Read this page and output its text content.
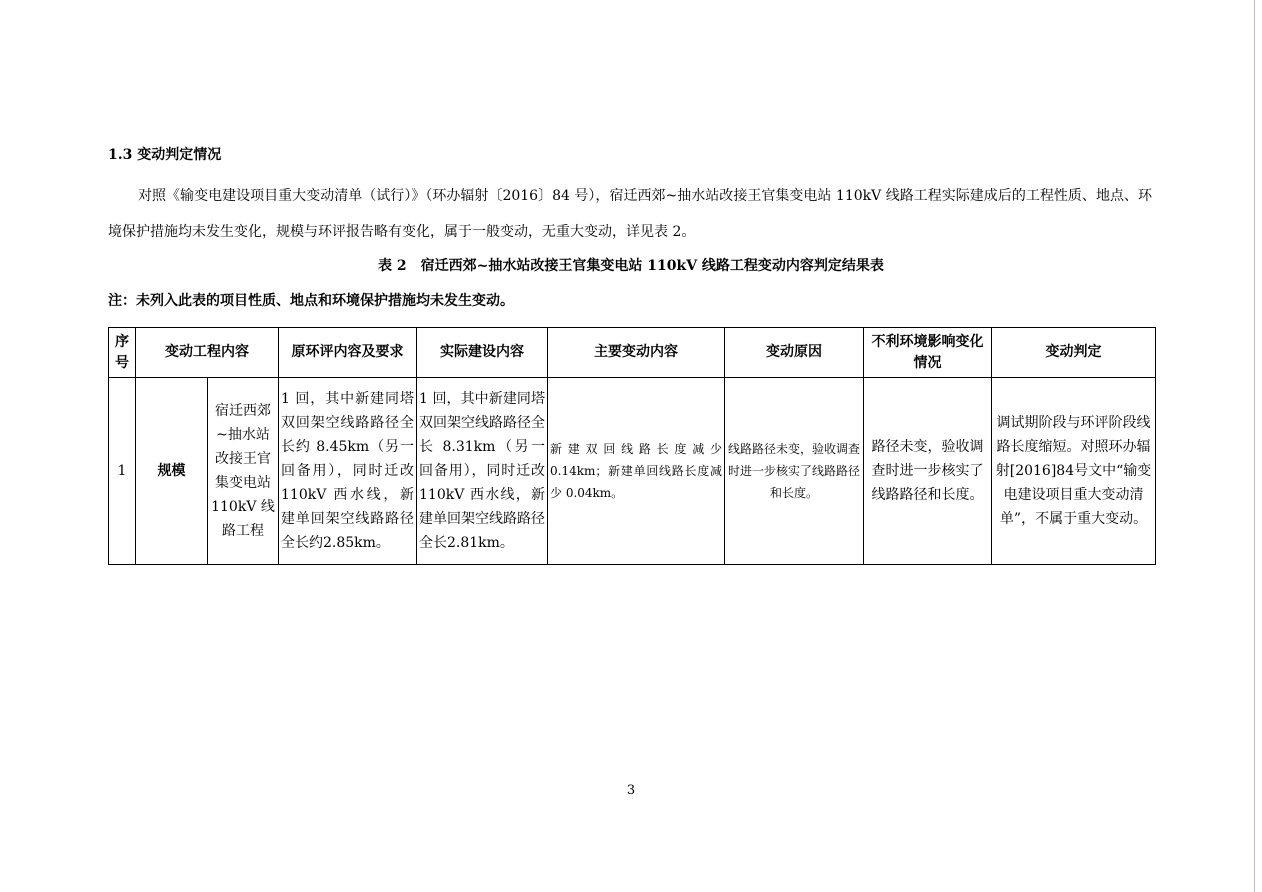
1.3 变动判定情况
对照《输变电建设项目重大变动清单（试行）》（环办辐射〔2016〕84 号），宿迁西郊~抽水站改接王官集变电站 110kV 线路工程实际建成后的工程性质、地点、环境保护措施均未发生变化，规模与环评报告略有变化，属于一般变动，无重大变动，详见表 2。
表 2　宿迁西郊~抽水站改接王官集变电站 110kV 线路工程变动内容判定结果表
注：未列入此表的项目性质、地点和环境保护措施均未发生变动。
序号	变动工程内容		原环评内容及要求	实际建设内容	主要变动内容	变动原因	不利环境影响变化情况	变动判定
1	规模	宿迁西郊~抽水站改接王官集变电站110kV 线路工程	1 回，其中新建同塔双回架空线路路径全长约 8.45km（另一回备用），同时迁改 110kV 西水线，新建单回架空线路路径全长约2.85km。	1 回，其中新建同塔双回架空线路路径全长 8.31km（另一回备用），同时迁改 110kV 西水线，新建单回架空线路路径全长2.81km。	新建双回线路长度减少0.14km；新建单回线路长度减少 0.04km。	线路路径未变，验收调查时进一步核实了线路路径和长度。	路径未变，验收调查时进一步核实了线路路径和长度。	调试期阶段与环评阶段线路长度缩短。对照环办辐射[2016]84号文中“输变电建设项目重大变动清单”，不属于重大变动。
3
